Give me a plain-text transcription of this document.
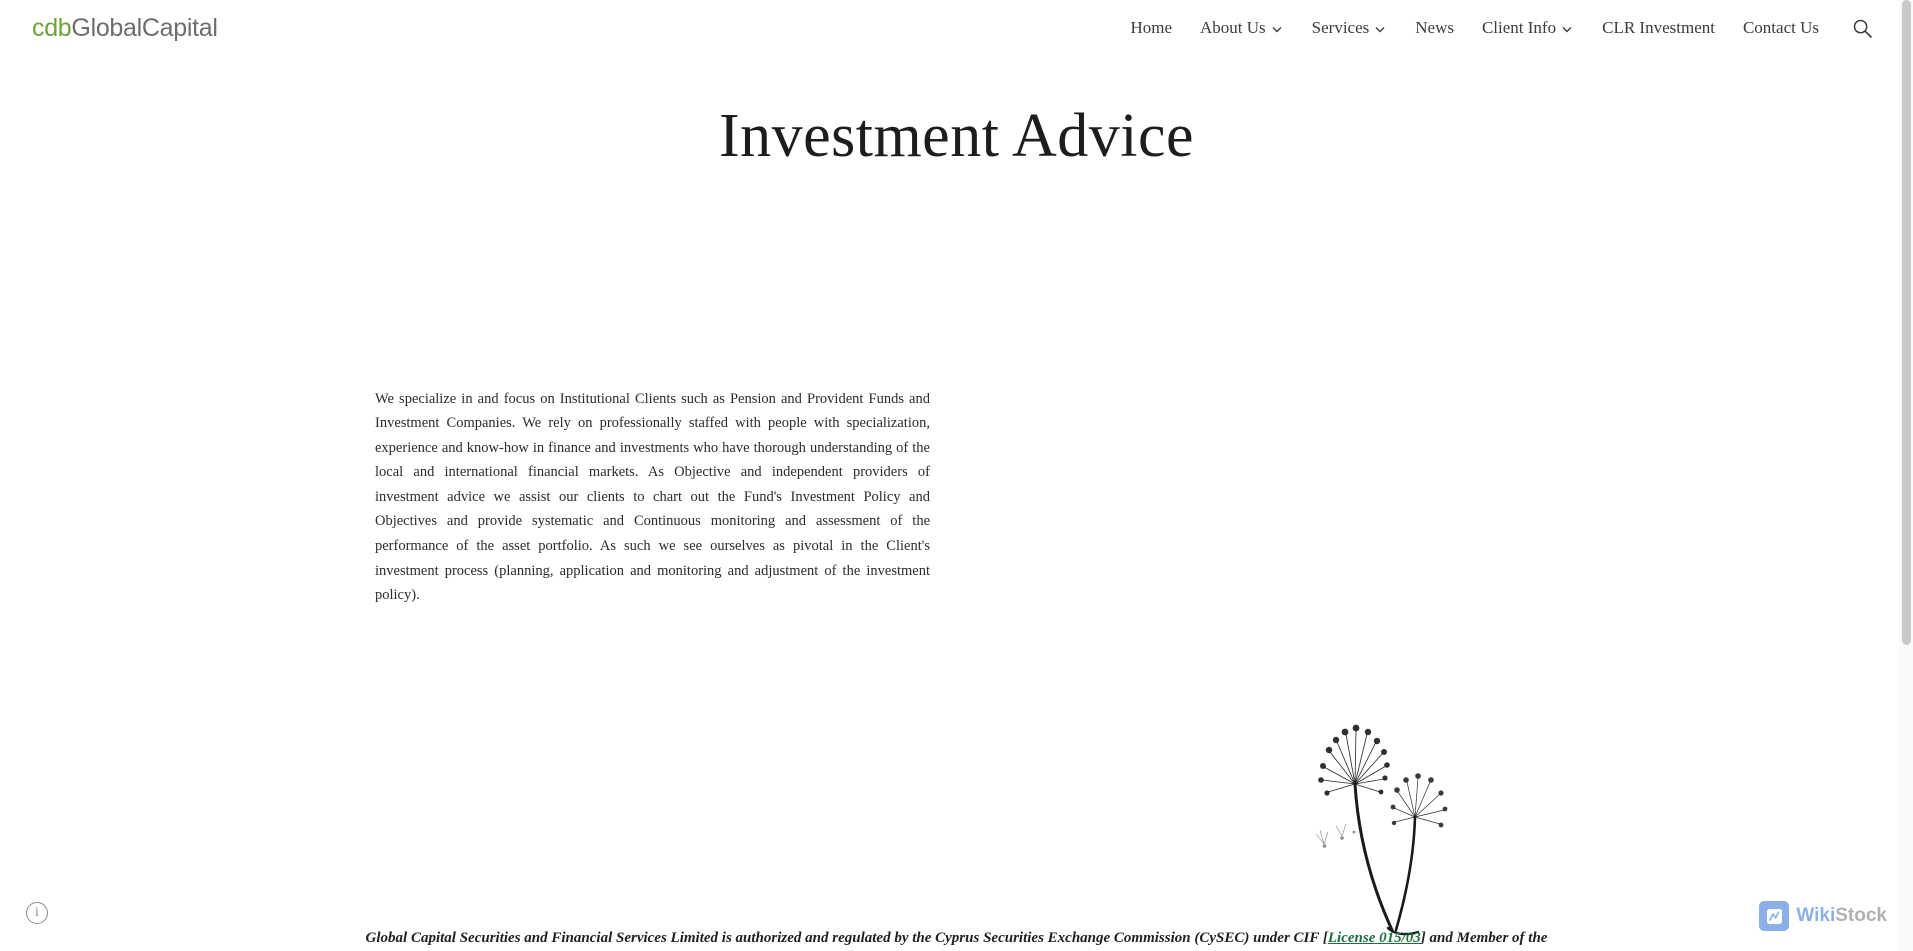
cdb GlobalCapital	Home About Us	Services	News Client Info	CLR Investment Contact Us
Investment Advice

We specialize in and focus on Institutional Clients such as Pension and Provident Funds and Investment Companies. We rely on professionally staffed with people with specialization, experience and know-how in finance and investments who have thorough understanding of the local and international financial markets. As Objective and independent providers of investment advice we assist our clients to chart out the Fund's Investment Policy and Objectives and provide systematic and Continuous monitoring and assessment of the performance of the asset portfolio. As such we see ourselves as pivotal in the Client's investment process (planning, application and monitoring and adjustment of the investment policy).

Global Capital Securities and Financial Services Limited is authorized and regulated by the Cyprus Securities Exchange Commission (CySEC) under CIF [License 015/03] and Member of the
i	WikiStock
